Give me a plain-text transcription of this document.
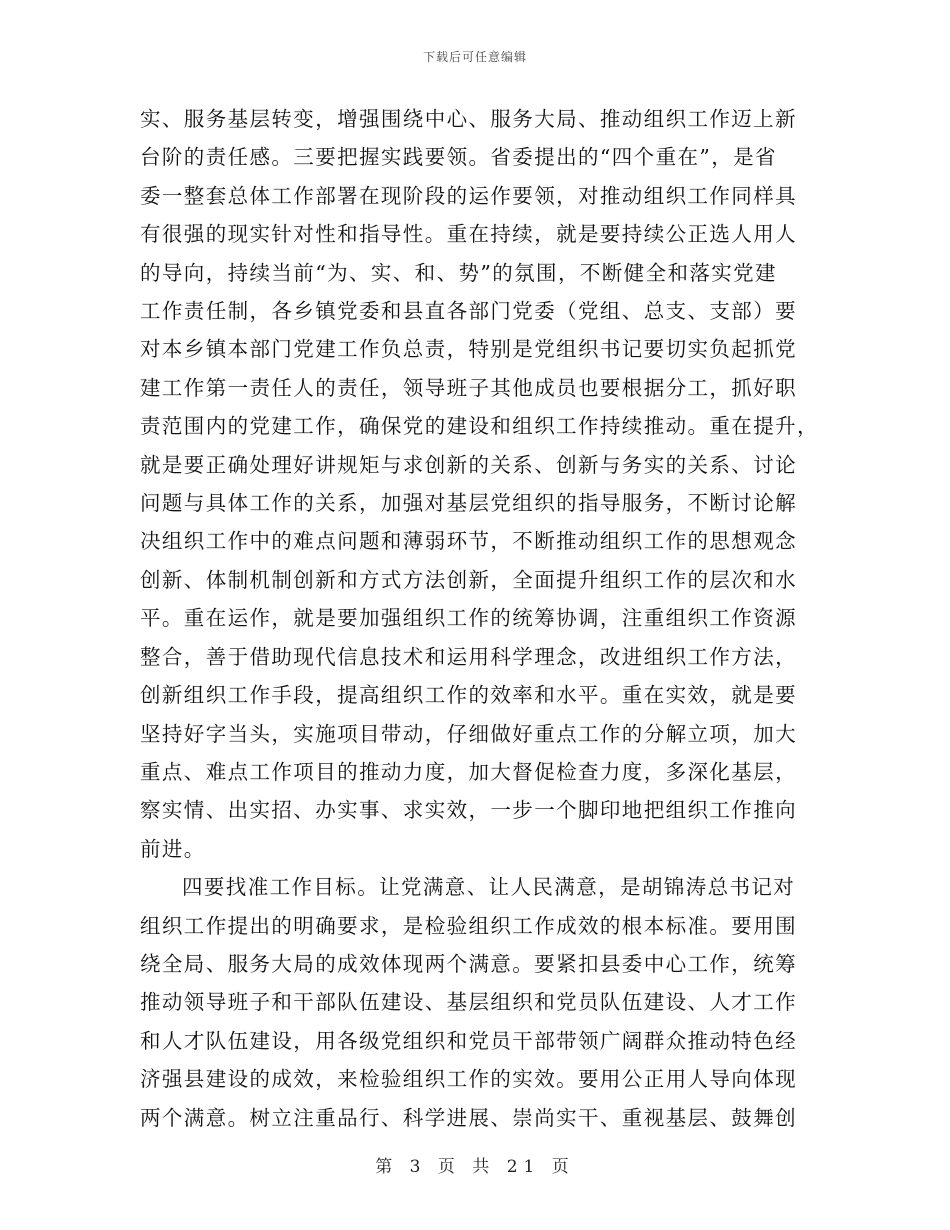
下载后可任意编辑

实、服务基层转变，增强围绕中心、服务大局、推动组织工作迈上新
台阶的责任感。三要把握实践要领。省委提出的“四个重在”，是省
委一整套总体工作部署在现阶段的运作要领，对推动组织工作同样具
有很强的现实针对性和指导性。重在持续，就是要持续公正选人用人
的导向，持续当前“为、实、和、势”的氛围，不断健全和落实党建
工作责任制，各乡镇党委和县直各部门党委（党组、总支、支部）要
对本乡镇本部门党建工作负总责，特别是党组织书记要切实负起抓党
建工作第一责任人的责任，领导班子其他成员也要根据分工，抓好职
责范围内的党建工作，确保党的建设和组织工作持续推动。重在提升，
就是要正确处理好讲规矩与求创新的关系、创新与务实的关系、讨论
问题与具体工作的关系，加强对基层党组织的指导服务，不断讨论解
决组织工作中的难点问题和薄弱环节，不断推动组织工作的思想观念
创新、体制机制创新和方式方法创新，全面提升组织工作的层次和水
平。重在运作，就是要加强组织工作的统筹协调，注重组织工作资源
整合，善于借助现代信息技术和运用科学理念，改进组织工作方法，
创新组织工作手段，提高组织工作的效率和水平。重在实效，就是要
坚持好字当头，实施项目带动，仔细做好重点工作的分解立项，加大
重点、难点工作项目的推动力度，加大督促检查力度，多深化基层，
察实情、出实招、办实事、求实效，一步一个脚印地把组织工作推向
前进。

四要找准工作目标。让党满意、让人民满意，是胡锦涛总书记对
组织工作提出的明确要求，是检验组织工作成效的根本标准。要用围
绕全局、服务大局的成效体现两个满意。要紧扣县委中心工作，统筹
推动领导班子和干部队伍建设、基层组织和党员队伍建设、人才工作
和人才队伍建设，用各级党组织和党员干部带领广阔群众推动特色经
济强县建设的成效，来检验组织工作的实效。要用公正用人导向体现
两个满意。树立注重品行、科学进展、崇尚实干、重视基层、鼓舞创

第 3 页 共 21 页
